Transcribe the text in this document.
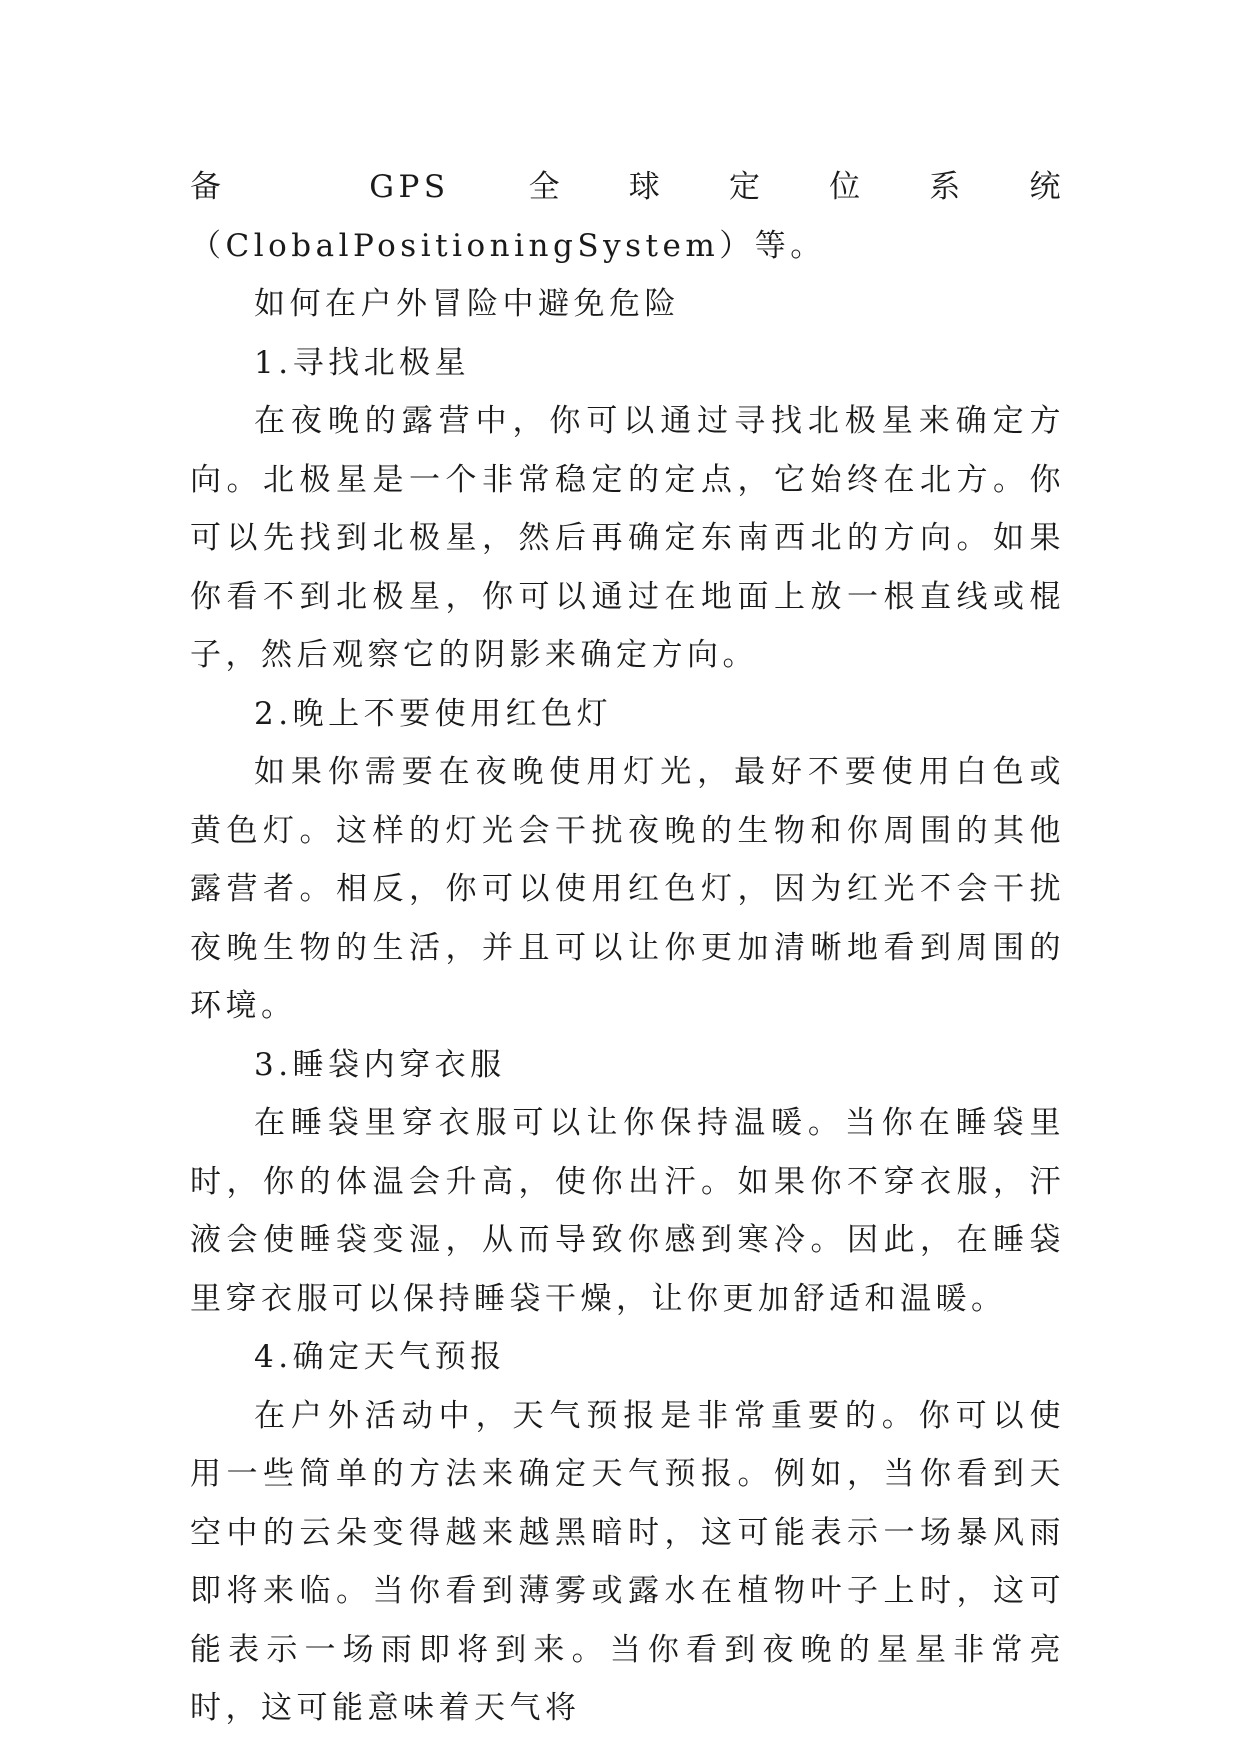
备 GPS 全球定位系统（ClobalPositioningSystem）等。

如何在户外冒险中避免危险

1.寻找北极星

在夜晚的露营中，你可以通过寻找北极星来确定方向。北极星是一个非常稳定的定点，它始终在北方。你可以先找到北极星，然后再确定东南西北的方向。如果你看不到北极星，你可以通过在地面上放一根直线或棍子，然后观察它的阴影来确定方向。

2.晚上不要使用红色灯

如果你需要在夜晚使用灯光，最好不要使用白色或黄色灯。这样的灯光会干扰夜晚的生物和你周围的其他露营者。相反，你可以使用红色灯，因为红光不会干扰夜晚生物的生活，并且可以让你更加清晰地看到周围的环境。

3.睡袋内穿衣服

在睡袋里穿衣服可以让你保持温暖。当你在睡袋里时，你的体温会升高，使你出汗。如果你不穿衣服，汗液会使睡袋变湿，从而导致你感到寒冷。因此，在睡袋里穿衣服可以保持睡袋干燥，让你更加舒适和温暖。

4.确定天气预报

在户外活动中，天气预报是非常重要的。你可以使用一些简单的方法来确定天气预报。例如，当你看到天空中的云朵变得越来越黑暗时，这可能表示一场暴风雨即将来临。当你看到薄雾或露水在植物叶子上时，这可能表示一场雨即将到来。当你看到夜晚的星星非常亮时，这可能意味着天气将
